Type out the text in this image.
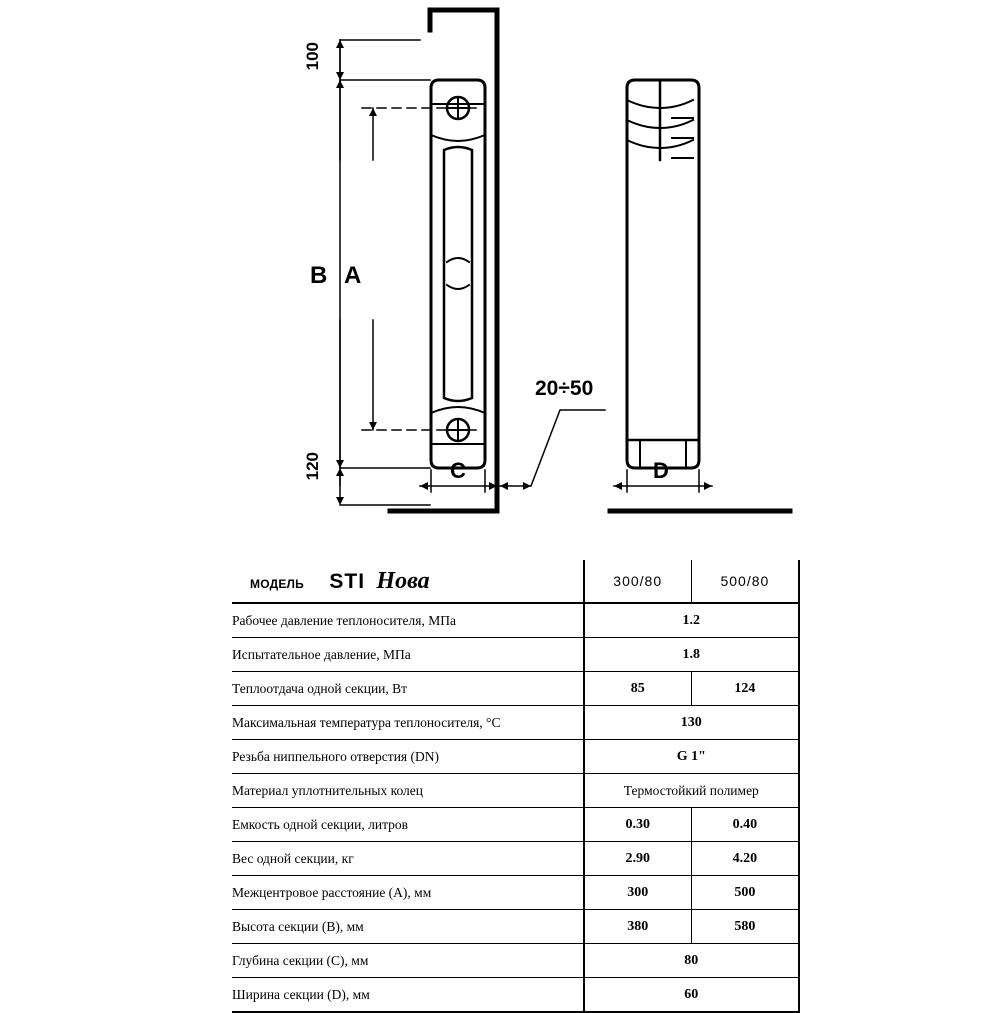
100
120
B A
C	D
20÷50
МОДЕЛЬ STI Нова	300/80	500/80
Рабочее давление теплоносителя, МПа	1.2	
Испытательное давление, МПа	1.8	
Теплоотдача одной секции, Вт	85	124
Максимальная температура теплоносителя, °C	130	
Резьба ниппельного отверстия (DN)	G 1"	
Материал уплотнительных колец	Термостойкий полимер	
Емкость одной секции, литров	0.30	0.40
Вес одной секции, кг	2.90	4.20
Межцентровое расстояние (А), мм	300	500
Высота секции (В), мм	380	580
Глубина секции (С), мм	80	
Ширина секции (D), мм	60	
